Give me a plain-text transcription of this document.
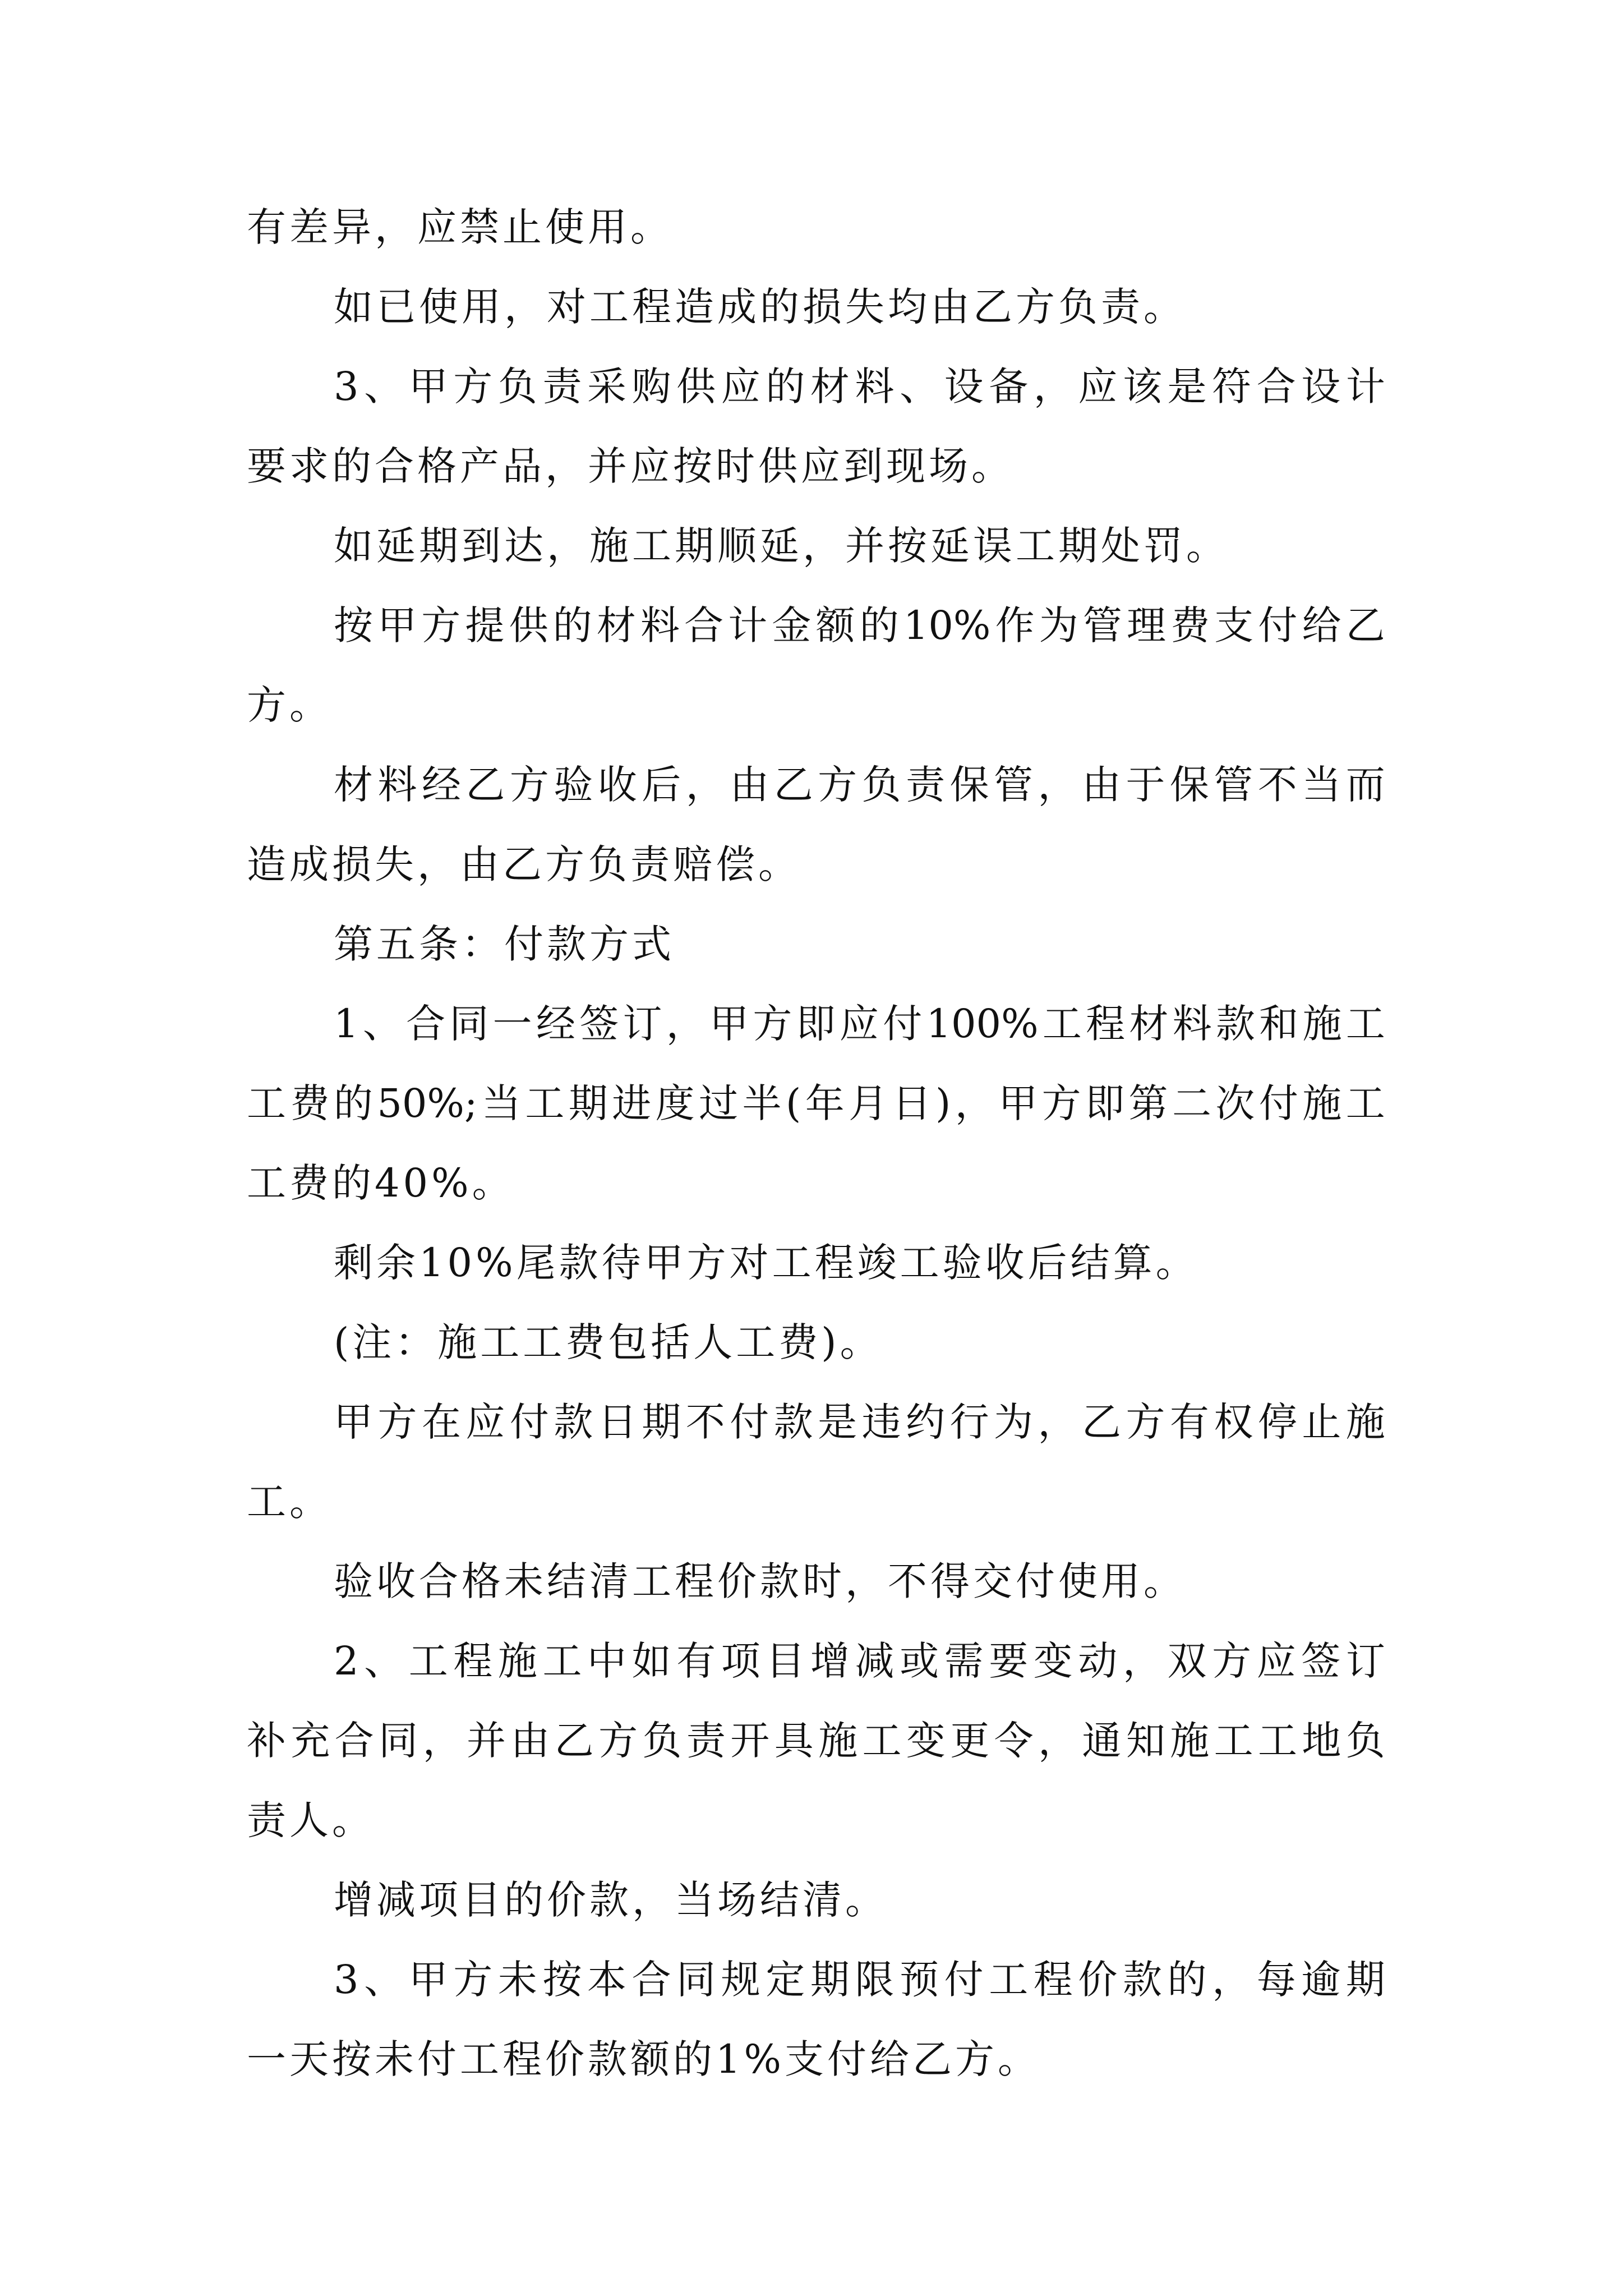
有差异，应禁止使用。
如已使用，对工程造成的损失均由乙方负责。
3 、 甲 方 负 责 采 购 供 应 的 材 料 、 设 备 ， 应 该 是 符 合 设 计
要求的合格产品，并应按时供应到现场。
如延期到达，施工期顺延，并按延误工期处罚。
按 甲 方 提 供 的 材 料 合 计 金 额 的 10% 作 为 管 理 费 支 付 给 乙
方。
材 料 经 乙 方 验 收 后 ， 由 乙 方 负 责 保 管 ， 由 于 保 管 不 当 而
造成损失，由乙方负责赔偿。
第五条：付款方式
1 、 合 同 一 经 签 订 ， 甲 方 即 应 付 100% 工 程 材 料 款 和 施 工
工 费 的 50%; 当 工 期 进 度 过 半 ( 年 月 日 ) ， 甲 方 即 第 二 次 付 施 工
工费的40%。
剩余10%尾款待甲方对工程竣工验收后结算。
(注：施工工费包括人工费)。
甲 方 在 应 付 款 日 期 不 付 款 是 违 约 行 为 ， 乙 方 有 权 停 止 施
工。
验收合格未结清工程价款时，不得交付使用。
2 、 工 程 施 工 中 如 有 项 目 增 减 或 需 要 变 动 ， 双 方 应 签 订
补 充 合 同 ， 并 由 乙 方 负 责 开 具 施 工 变 更 令 ， 通 知 施 工 工 地 负
责人。
增减项目的价款，当场结清。
3 、 甲 方 未 按 本 合 同 规 定 期 限 预 付 工 程 价 款 的 ， 每 逾 期
一天按未付工程价款额的1%支付给乙方。
